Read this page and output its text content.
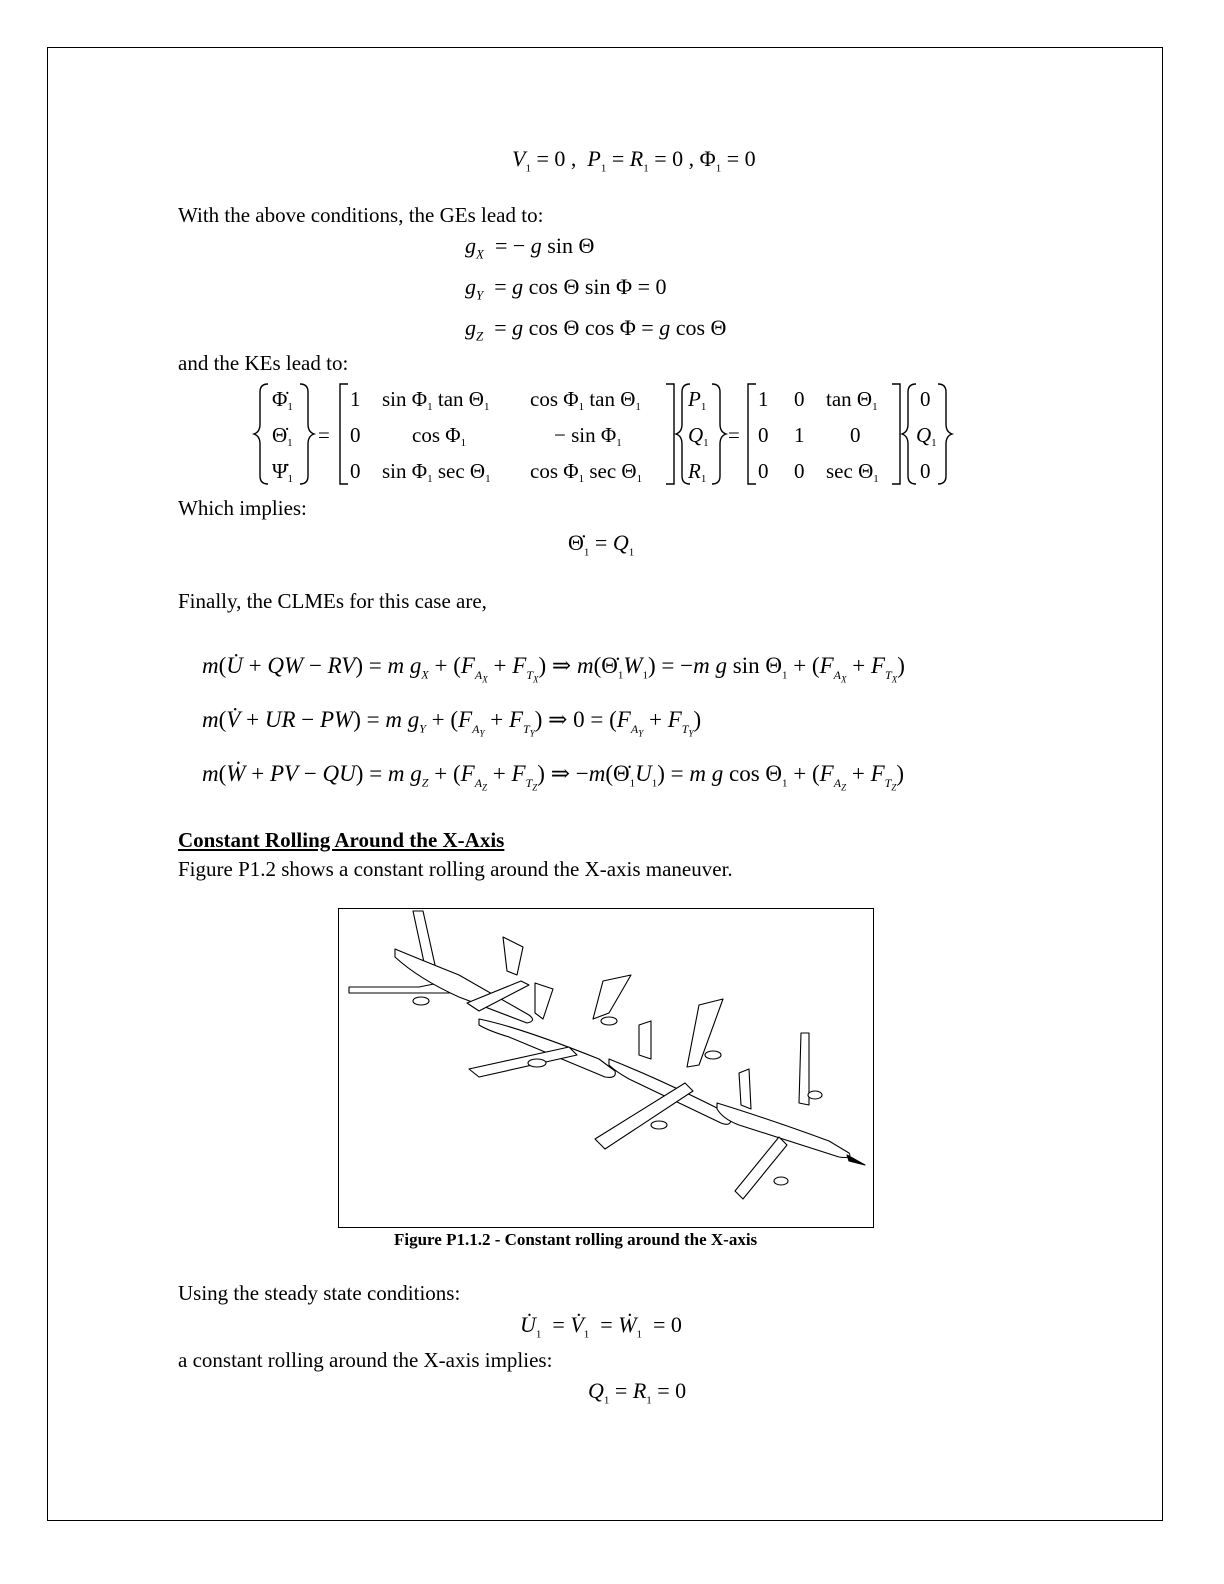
$V_1 = 0$ ,  $P_1 = R_1 = 0$ , $\Phi_1 = 0$
With the above conditions, the GEs lead to:
$g_X$  = − g sin Θ
$g_Y = g$ cos Θ sin Φ = 0
$g_Z = g$ cos Θ cos Φ = g cos Θ
and the KEs lead to:
Φ̇1
Θ̇1
Ψ̇1
=
1 sin Φ1 tan Θ1 cos Φ1 tan Θ1
0 cos Φ1	− sin Φ1
0 sin Φ1 sec Θ1 cos Φ1 sec Θ1
P1
Q1
R1
=
1 0 tan Θ1
0 1 0
0 0 sec Θ1
0
Q1
0
Which implies:
$\Thetȧ_1 = Q_1$
Finally, the CLMEs for this case are,
m(U̇ + QW − RV) = m $g_X + (F_{A_X} + F_{T_X})$ ⇒ $m(\Thetȧ_1W_1) = -m$ g $\sin \Theta_1 + (F_{A_X} + F_{T_X})$
m(V̇ + UR − PW) = m $g_Y + (F_{A_Y} + F_{T_Y})$ ⇒ $0 = (F_{A_Y} + F_{T_Y})$
m(Ẇ + PV − QU) = m $g_Z + (F_{A_Z} + F_{T_Z})$ ⇒ $-m(\Thetȧ_1U_1) = m$ g $\cos \Theta_1 + (F_{A_Z} + F_{T_Z})$
Constant Rolling Around the X-Axis
Figure P1.2 shows a constant rolling around the X-axis maneuver.
Figure P1.1.2 - Constant rolling around the X-axis
Using the steady state conditions:
$U̇_1$  = $V̇_1$  = Ẇ$_1$  = 0
a constant rolling around the X-axis implies:
$Q_1 = R_1 = 0$
